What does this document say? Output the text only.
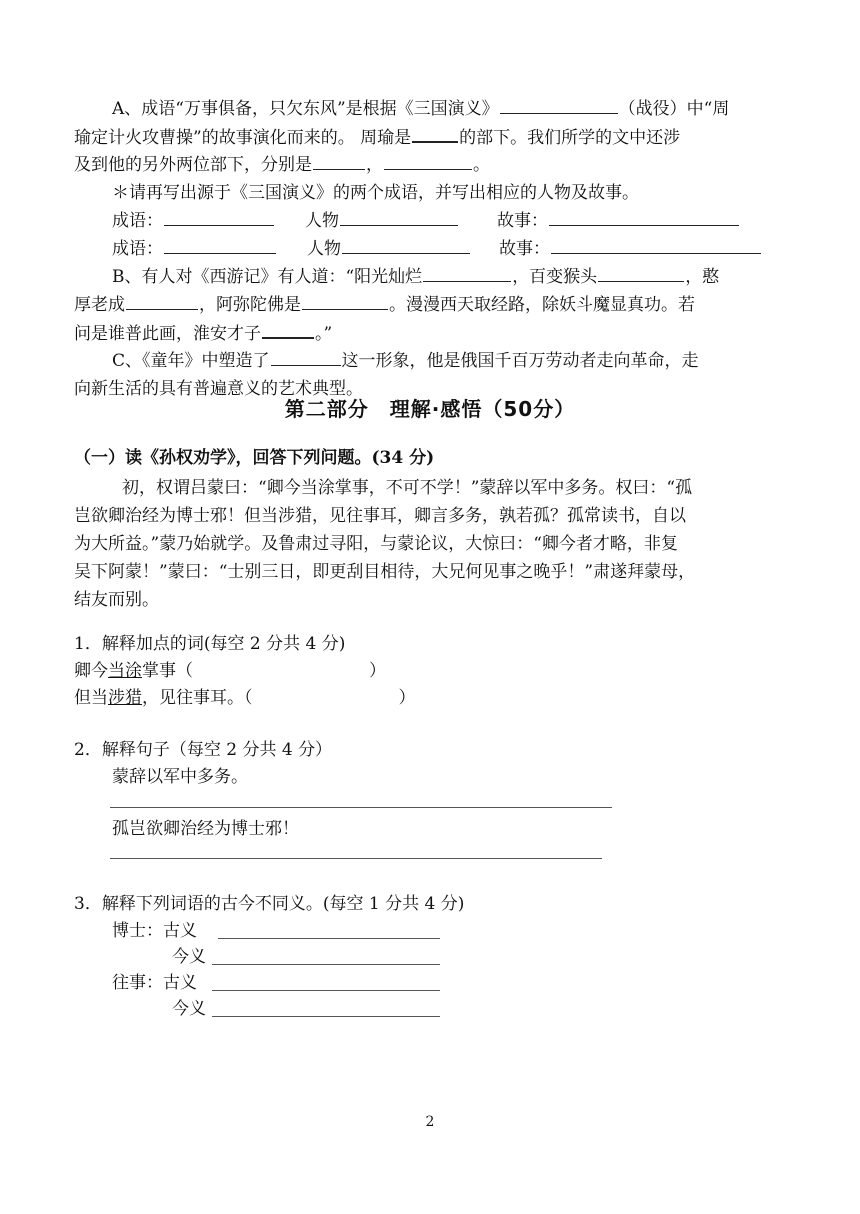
A、成语“万事俱备，只欠东风”是根据《三国演义》	（战役）中“周
瑜定计火攻曹操”的故事演化而来的。 周瑜是	的部下。我们所学的文中还涉
及到他的另外两位部下，分别是	，	。
＊请再写出源于《三国演义》的两个成语，并写出相应的人物及故事。
成语：	人物	故事：
成语：	人物	故事：
B、有人对《西游记》有人道：“阳光灿烂	，百变猴头	，憨
厚老成	，阿弥陀佛是	。漫漫西天取经路，除妖斗魔显真功。若
问是谁普此画，淮安才子	。”
C、《童年》中塑造了	这一形象，他是俄国千百万劳动者走向革命，走
向新生活的具有普遍意义的艺术典型。
第二部分　理解·感悟（50分）
（一）读《孙权劝学》，回答下列问题。(34 分)
初，权谓吕蒙曰：“卿今当涂掌事，不可不学！”蒙辞以军中多务。权曰：“孤
岂欲卿治经为博士邪！但当涉猎，见往事耳，卿言多务，孰若孤？孤常读书，自以
为大所益。”蒙乃始就学。及鲁肃过寻阳，与蒙论议，大惊曰：“卿今者才略，非复
吴下阿蒙！”蒙曰：“士别三日，即更刮目相待，大兄何见事之晚乎！”肃遂拜蒙母，
结友而别。
1．解释加点的词(每空 2 分共 4 分)
卿今当涂掌事（	）
但当涉猎，见往事耳。（	）
2．解释句子（每空 2 分共 4 分）
蒙辞以军中多务。
孤岂欲卿治经为博士邪！
3．解释下列词语的古今不同义。(每空 1 分共 4 分)
博士：古义
今义
往事：古义
今义
2
